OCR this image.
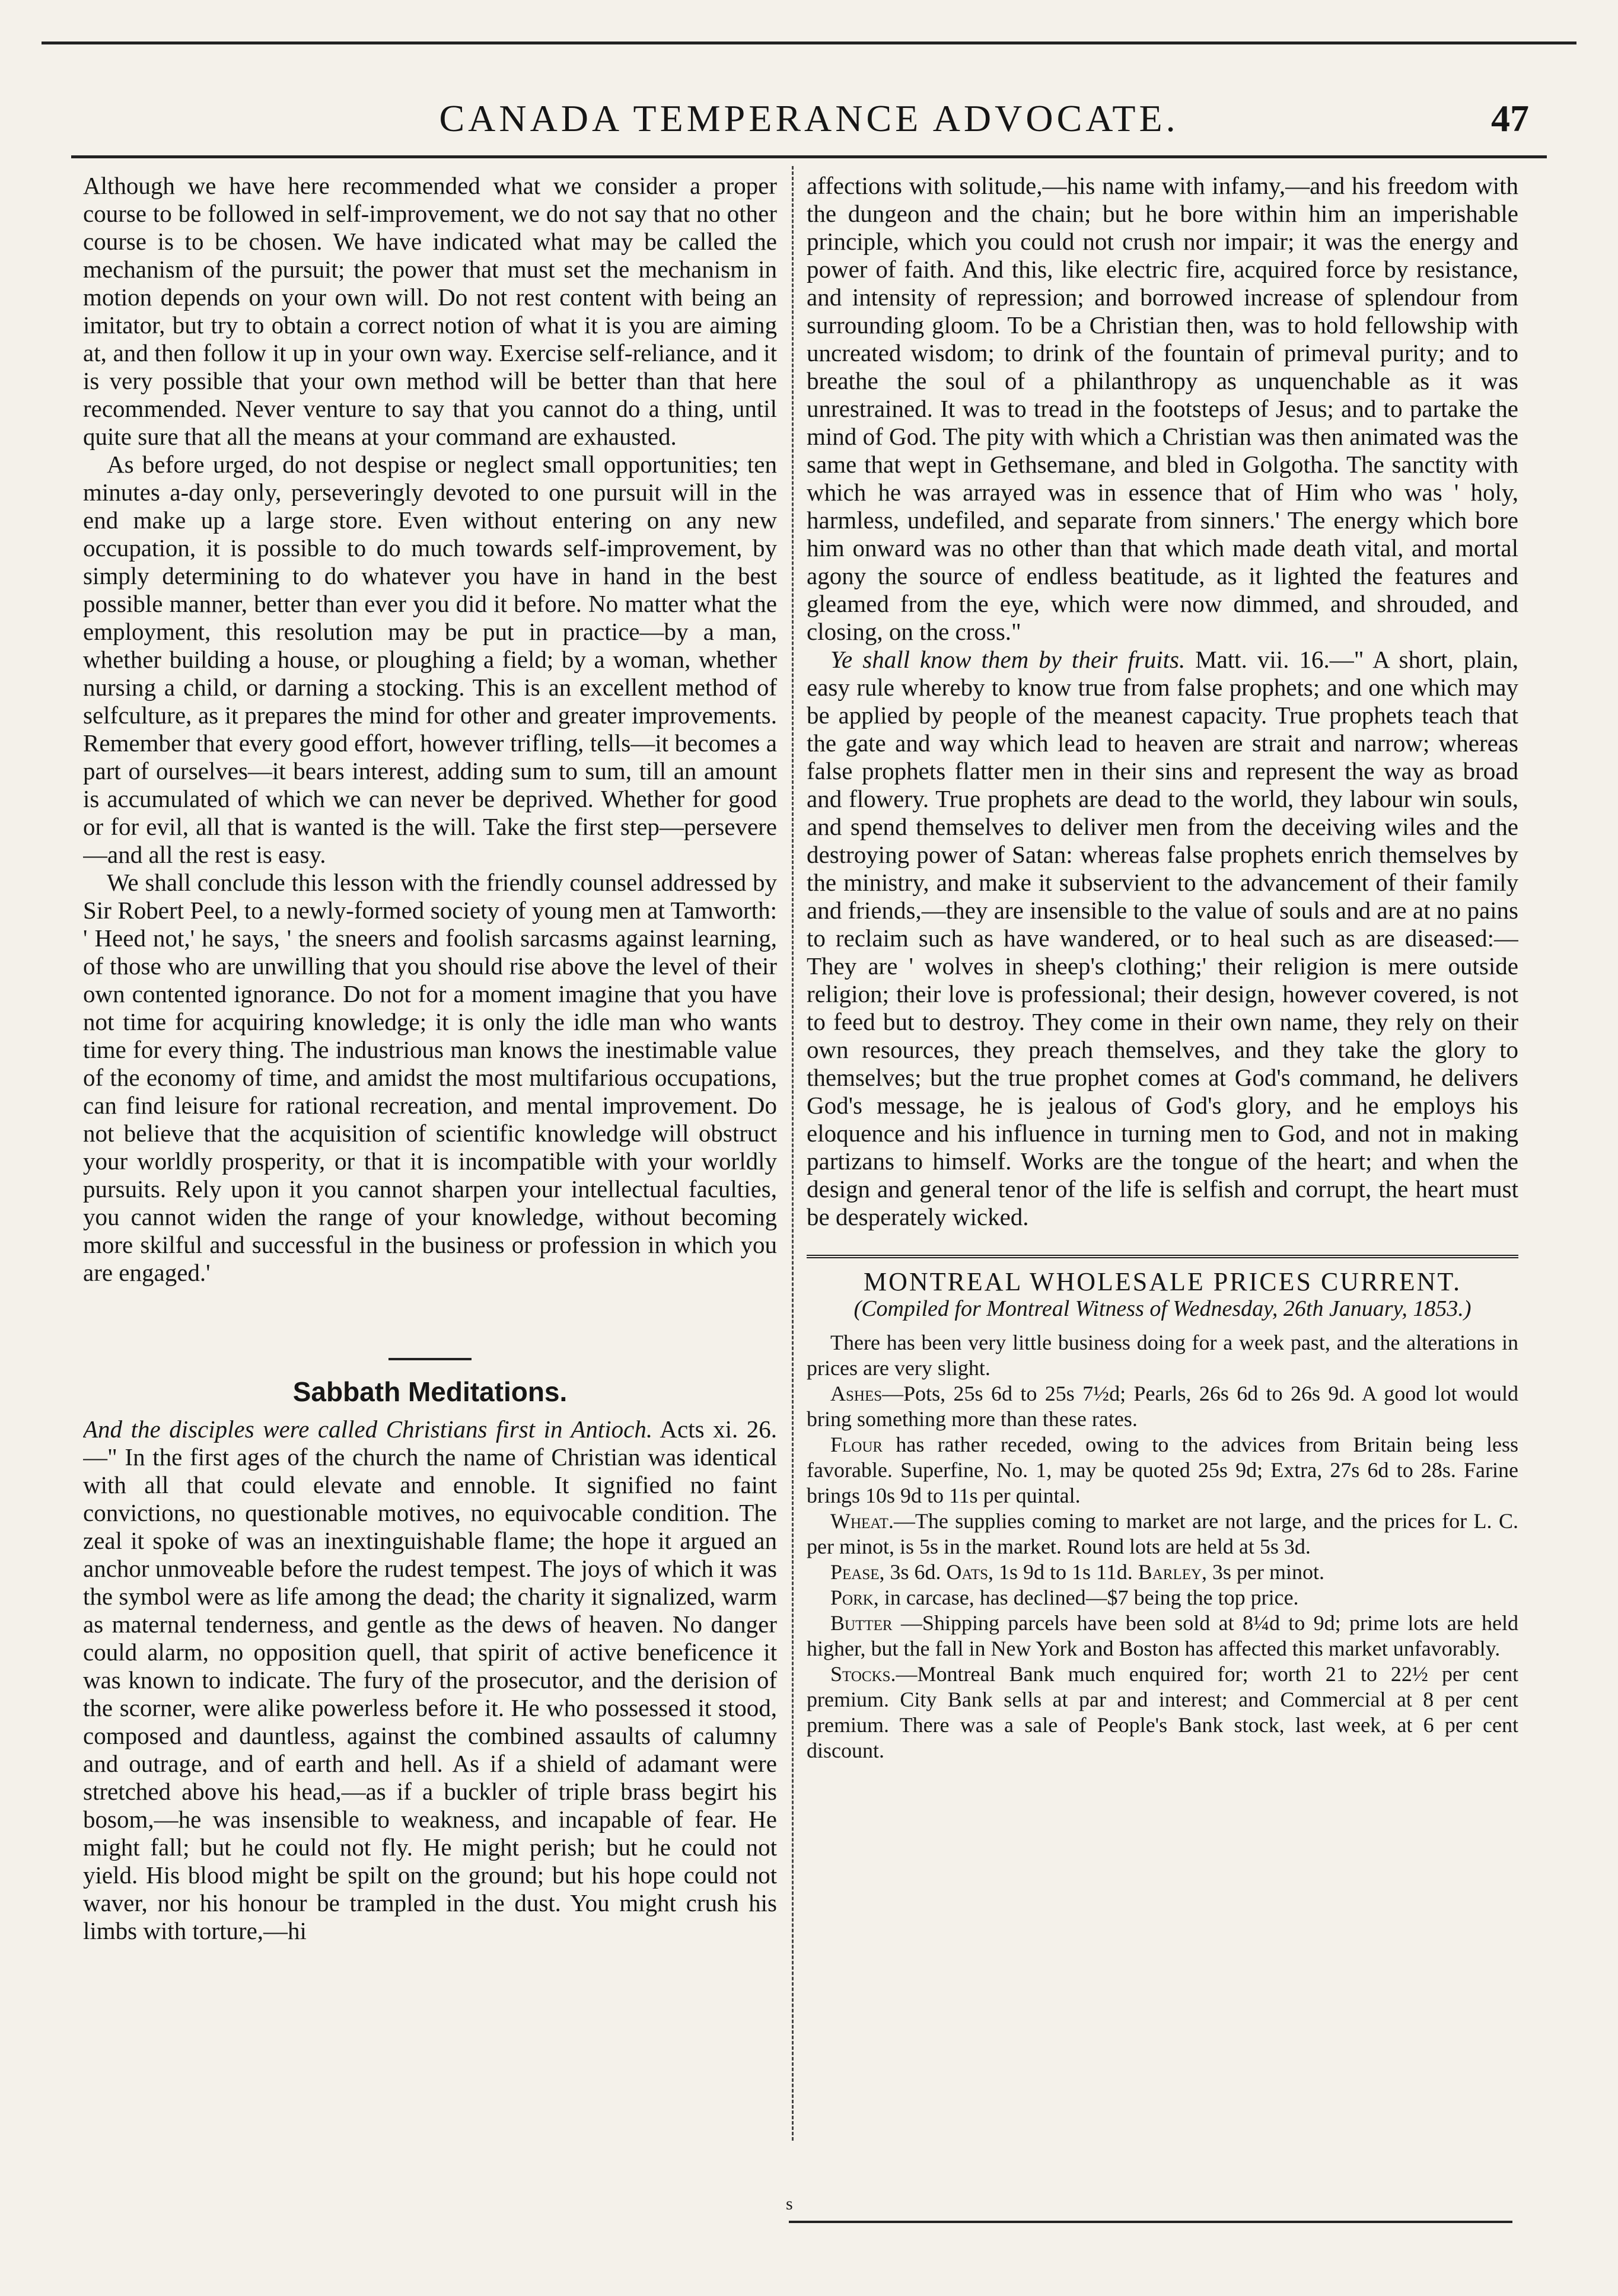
CANADA TEMPERANCE ADVOCATE.	47

Although we have here recommended what we consider a proper course to be followed in self-improvement, we do not say that no other course is to be chosen. We have indicated what may be called the mechanism of the pursuit; the power that must set the mechanism in motion depends on your own will. Do not rest content with being an imitator, but try to obtain a correct notion of what it is you are aiming at, and then follow it up in your own way. Exercise self-reliance, and it is very possible that your own method will be better than that here recommended. Never venture to say that you cannot do a thing, until quite sure that all the means at your command are exhausted.

As before urged, do not despise or neglect small opportunities; ten minutes a-day only, perseveringly devoted to one pursuit will in the end make up a large store. Even without entering on any new occupation, it is possible to do much towards self-improvement, by simply determining to do whatever you have in hand in the best possible manner, better than ever you did it before. No matter what the employment, this resolution may be put in practice—by a man, whether building a house, or ploughing a field; by a woman, whether nursing a child, or darning a stocking. This is an excellent method of selfculture, as it prepares the mind for other and greater improvements. Remember that every good effort, however trifling, tells—it becomes a part of ourselves—it bears interest, adding sum to sum, till an amount is accumulated of which we can never be deprived. Whether for good or for evil, all that is wanted is the will. Take the first step—persevere—and all the rest is easy.

We shall conclude this lesson with the friendly counsel addressed by Sir Robert Peel, to a newly-formed society of young men at Tamworth: ' Heed not,' he says, ' the sneers and foolish sarcasms against learning, of those who are unwilling that you should rise above the level of their own contented ignorance. Do not for a moment imagine that you have not time for acquiring knowledge; it is only the idle man who wants time for every thing. The industrious man knows the inestimable value of the economy of time, and amidst the most multifarious occupations, can find leisure for rational recreation, and mental improvement. Do not believe that the acquisition of scientific knowledge will obstruct your worldly prosperity, or that it is incompatible with your worldly pursuits. Rely upon it you cannot sharpen your intellectual faculties, you cannot widen the range of your knowledge, without becoming more skilful and successful in the business or profession in which you are engaged.'

Sabbath Meditations.

And the disciples were called Christians first in Antioch. Acts xi. 26.—" In the first ages of the church the name of Christian was identical with all that could elevate and ennoble. It signified no faint convictions, no questionable motives, no equivocable condition. The zeal it spoke of was an inextinguishable flame; the hope it argued an anchor unmoveable before the rudest tempest. The joys of which it was the symbol were as life among the dead; the charity it signalized, warm as maternal tenderness, and gentle as the dews of heaven. No danger could alarm, no opposition quell, that spirit of active beneficence it was known to indicate. The fury of the prosecutor, and the derision of the scorner, were alike powerless before it. He who possessed it stood, composed and dauntless, against the combined assaults of calumny and outrage, and of earth and hell. As if a shield of adamant were stretched above his head,—as if a buckler of triple brass begirt his bosom,—he was insensible to weakness, and incapable of fear. He might fall; but he could not fly. He might perish; but he could not yield. His blood might be spilt on the ground; but his hope could not waver, nor his honour be trampled in the dust. You might crush his limbs with torture,—hi

affections with solitude,—his name with infamy,—and his freedom with the dungeon and the chain; but he bore within him an imperishable principle, which you could not crush nor impair; it was the energy and power of faith. And this, like electric fire, acquired force by resistance, and intensity of repression; and borrowed increase of splendour from surrounding gloom. To be a Christian then, was to hold fellowship with uncreated wisdom; to drink of the fountain of primeval purity; and to breathe the soul of a philanthropy as unquenchable as it was unrestrained. It was to tread in the footsteps of Jesus; and to partake the mind of God. The pity with which a Christian was then animated was the same that wept in Gethsemane, and bled in Golgotha. The sanctity with which he was arrayed was in essence that of Him who was ' holy, harmless, undefiled, and separate from sinners.' The energy which bore him onward was no other than that which made death vital, and mortal agony the source of endless beatitude, as it lighted the features and gleamed from the eye, which were now dimmed, and shrouded, and closing, on the cross."

Ye shall know them by their fruits. Matt. vii. 16.—" A short, plain, easy rule whereby to know true from false prophets; and one which may be applied by people of the meanest capacity. True prophets teach that the gate and way which lead to heaven are strait and narrow; whereas false prophets flatter men in their sins and represent the way as broad and flowery. True prophets are dead to the world, they labour win souls, and spend themselves to deliver men from the deceiving wiles and the destroying power of Satan: whereas false prophets enrich themselves by the ministry, and make it subservient to the advancement of their family and friends,—they are insensible to the value of souls and are at no pains to reclaim such as have wandered, or to heal such as are diseased:—They are ' wolves in sheep's clothing;' their religion is mere outside religion; their love is professional; their design, however covered, is not to feed but to destroy. They come in their own name, they rely on their own resources, they preach themselves, and they take the glory to themselves; but the true prophet comes at God's command, he delivers God's message, he is jealous of God's glory, and he employs his eloquence and his influence in turning men to God, and not in making partizans to himself. Works are the tongue of the heart; and when the design and general tenor of the life is selfish and corrupt, the heart must be desperately wicked.

MONTREAL WHOLESALE PRICES CURRENT.
(Compiled for Montreal Witness of Wednesday, 26th January, 1853.)

There has been very little business doing for a week past, and the alterations in prices are very slight.

Ashes—Pots, 25s 6d to 25s 7½d; Pearls, 26s 6d to 26s 9d. A good lot would bring something more than these rates.

Flour has rather receded, owing to the advices from Britain being less favorable. Superfine, No. 1, may be quoted 25s 9d; Extra, 27s 6d to 28s. Farine brings 10s 9d to 11s per quintal.

Wheat.—The supplies coming to market are not large, and the prices for L. C. per minot, is 5s in the market. Round lots are held at 5s 3d.

Pease, 3s 6d. Oats, 1s 9d to 1s 11d. Barley, 3s per minot.

Pork, in carcase, has declined—$7 being the top price.

Butter —Shipping parcels have been sold at 8¼d to 9d; prime lots are held higher, but the fall in New York and Boston has affected this market unfavorably.

Stocks.—Montreal Bank much enquired for; worth 21 to 22½ per cent premium. City Bank sells at par and interest; and Commercial at 8 per cent premium. There was a sale of People's Bank stock, last week, at 6 per cent discount.

s
